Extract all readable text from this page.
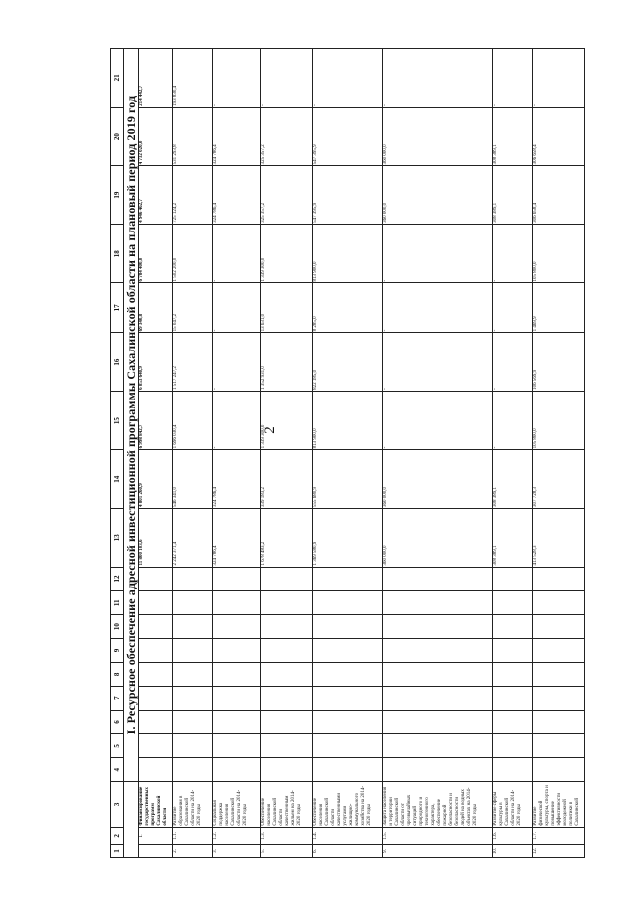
2
1	2	3	4	5	6	7	8	9	10	11	12	13	14	15	16	17	18	19	20	21
			I. Ресурсное обеспечение адресной инвестиционной программы Сахалинской области на плановый период 2019 год																	
	I.	Финансирование государственных программ Сахалинской области										11 800 103,6	4 801 260,9	6 998 842,7	6 853 640,9	69 340,8	6 784 400,0	4 946 462,7	4 732 020,0	214 442,7
2.	1.1.	Развитие образования в Сахалинской области на 2014-2020 годы										2 242 371,4	546 341,0	1 696 030,4	1 517 247,2	15 047,2	1 502 200,0	725 124,2	531 293,8	193 830,4
3.	1.2.	Социальная поддержка населения Сахалинской области на 2014-2020 годы										324 786,4	324 786,4	-	-	-	-	324 786,4	324 786,4	-
5.	1.3.	Обеспечение населения Сахалинской области качественным жильем на 2014-2020 годы										1 678 483,2	339 183,2	1 339 300,0	1 352 931,0	13 631,0	1 339 300,0	325 357,2	325 357,2	-
6.	1.4.	Обеспечение населения Сахалинской области качественными услугами жилищно-коммунального хозяйства на 2014-2020 годы										1 369 580,9	555 680,9	813 900,0	822 185,0	8 285,0	813 900,0	547 395,9	547 395,9	-
9.	1.5.	Защита населения и территории Сахалинской области от чрезвычайных ситуаций природного и техногенного характера, обеспечение пожарной безопасности и безопасности людей на водных объектах на 2014-2020 годы										360 000,0	360 000,0	-	-	-	-	360 000,0	360 000,0	-
10.	1.6.	Развитие сферы культуры в Сахалинской области на 2014-2020 годы										308 389,1	308 389,1	-	-	-	-	308 389,1	308 389,1	-
12.	1.7.	Развитие физической культуры, спорта и повышение эффективности молодежной политики в Сахалинской										413 528,3	307 728,3	105 800,0	106 569,9	1 469,9	105 800,0	306 658,4	306 658,4	-
